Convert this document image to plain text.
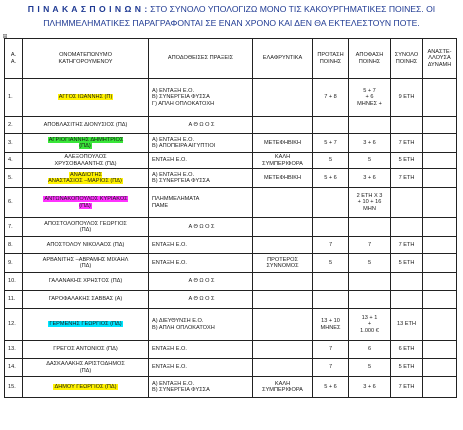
Π Ι Ν Α Κ Α Σ Π Ο Ι Ν Ω Ν : ΣΤΟ ΣΥΝΟΛΟ ΥΠΟΛΟΓΙΖΩ ΜΟΝΟ ΤΙΣ ΚΑΚΟΥΡΓΗΜΑΤΙΚΕΣ ΠΟΙΝΕΣ. ΟΙ
ΠΛΗΜΜΕΛΗΜΑΤΙΚΕΣ ΠΑΡΑΓΡΑΦΟΝΤΑΙ ΣΕ ΕΝΑΝ ΧΡΟΝΟ ΚΑΙ ΔΕΝ ΘΑ ΕΚΤΕΛΕΣΤΟΥΝ ΠΟΤΕ.
⊞
Α.
Α.	ΟΝΟΜΑΤΕΠΩΝΥΜΟ
ΚΑΤΗΓΟΡΟΥΜΕΝΟΥ	ΑΠΟΔΟΘΕΙΣΕΣ ΠΡΑΞΕΙΣ	ΕΛΑΦΡΥΝΤΙΚΑ	ΠΡΟΤΑΣΗ
ΠΟΙΝΗΣ	ΑΠΟΦΑΣΗ
ΠΟΙΝΗΣ	ΣΥΝΟΛΟ
ΠΟΙΝΗΣ	ΑΝΑΣΤΕ-
ΛΛΟΥΣΑ
ΔΥΝΑΜΗ
1.	ΑΓΓΟΣ ΙΩΑΝΝΗΣ (Π)	Α) ΕΝΤΑΞΗ Ε.Ο.
Β) ΣΥΝΕΡΓΕΙΑ ΦΥΣΣΑ
Γ) ΑΠΛΗ ΟΠΛΟΚΑΤΟΧΗ		7 + 8	5 + 7
+ 6
ΜΗΝΕΣ +	9 ΕΤΗ	
2.	ΑΠΟΒΛΑΣΙΤΗΣ ΔΙΟΝΥΣΙΟΣ (ΠΔ)	Α Θ Ω Ο Σ					
3.	ΑΓΡΙΟΓΙΑΝΝΗΣ ΔΗΜΗΤΡΙΟΣ
(ΠΔ)	Α) ΕΝΤΑΞΗ Ε.Ο.
Β) ΑΠΟΠΕΙΡΑ ΑΙΓΥΠΤΙΟΙ	ΜΕΤΕΦΗΒΙΚΗ	5 + 7	3 + 6	7 ΕΤΗ	
4.	ΑΛΕΞΟΠΟΥΛΟΣ
ΧΡΥΣΟΒΑΛΑΝΤΗΣ (ΠΔ)	ΕΝΤΑΞΗ Ε.Ο.	ΚΑΛΗ
ΣΥΜΠΕΡΙΦΟΡΑ	5	5	5 ΕΤΗ	
5.	ΑΝΑΔΙΩΤΗΣ
ΑΝΑΣΤΑΣΙΟΣ –ΜΑΡΙΟΣ (ΠΔ)	Α) ΕΝΤΑΞΗ Ε.Ο.
Β) ΣΥΝΕΡΓΕΙΑ ΦΥΣΣΑ	ΜΕΤΕΦΗΒΙΚΗ	5 + 6	3 + 6	7 ΕΤΗ	
6.	ΑΝΤΩΝΑΚΟΠΟΥΛΟΣ ΚΥΡΙΑΚΟΣ
(ΠΔ)	ΠΛΗΜΜΕΛΗΜΑΤΑ
ΠΑΜΕ			2 ΕΤΗ Χ 3
+ 10 + 16
ΜΗΝ		
7.	ΑΠΟΣΤΟΛΟΠΟΥΛΟΣ ΓΕΩΡΓΙΟΣ
(ΠΔ)	Α Θ Ω Ο Σ					
8.	ΑΠΟΣΤΟΛΟΥ ΝΙΚΟΛΑΟΣ (ΠΔ)	ΕΝΤΑΞΗ Ε.Ο.		7	7	7 ΕΤΗ	
9.	ΑΡΒΑΝΙΤΗΣ –ΑΒΡΑΜΗΣ ΜΙΧΑΗΛ
(ΠΔ)	ΕΝΤΑΞΗ Ε.Ο.	ΠΡΟΤΕΡΟΣ
ΣΥΝΝΟΜΟΣ	5	5	5 ΕΤΗ	
10.	ΓΑΛΑΝΑΚΗΣ ΧΡΗΣΤΟΣ (ΠΔ)	Α Θ Ω Ο Σ					
11.	ΓΑΡΟΦΑΛΑΚΗΣ ΣΑΒΒΑΣ (Α)	Α Θ Ω Ο Σ					
12.	ΓΕΡΜΕΝΗΣ ΓΕΩΡΓΙΟΣ (ΠΔ)	Α) ΔΙΕΥΘΥΝΣΗ Ε.Ο.
Β) ΑΠΛΗ ΟΠΛΟΚΑΤΟΧΗ		13 + 10
ΜΗΝΕΣ	13 + 1
+
1.000 €	13 ΕΤΗ	
13.	ΓΡΕΓΟΣ ΑΝΤΩΝΙΟΣ (ΠΔ)	ΕΝΤΑΞΗ Ε.Ο.		7	6	6 ΕΤΗ	
14.	ΔΑΣΚΑΛΑΚΗΣ ΑΡΙΣΤΟΔΗΜΟΣ
(ΠΔ)	ΕΝΤΑΞΗ Ε.Ο.		7	5	5 ΕΤΗ	
15.	ΔΗΜΟΥ ΓΕΩΡΓΙΟΣ (ΠΔ)	Α) ΕΝΤΑΞΗ Ε.Ο.
Β) ΣΥΝΕΡΓΕΙΑ ΦΥΣΣΑ	ΚΑΛΗ
ΣΥΜΠΕΡΙΦΟΡΑ	5 + 6	3 + 6	7 ΕΤΗ	
